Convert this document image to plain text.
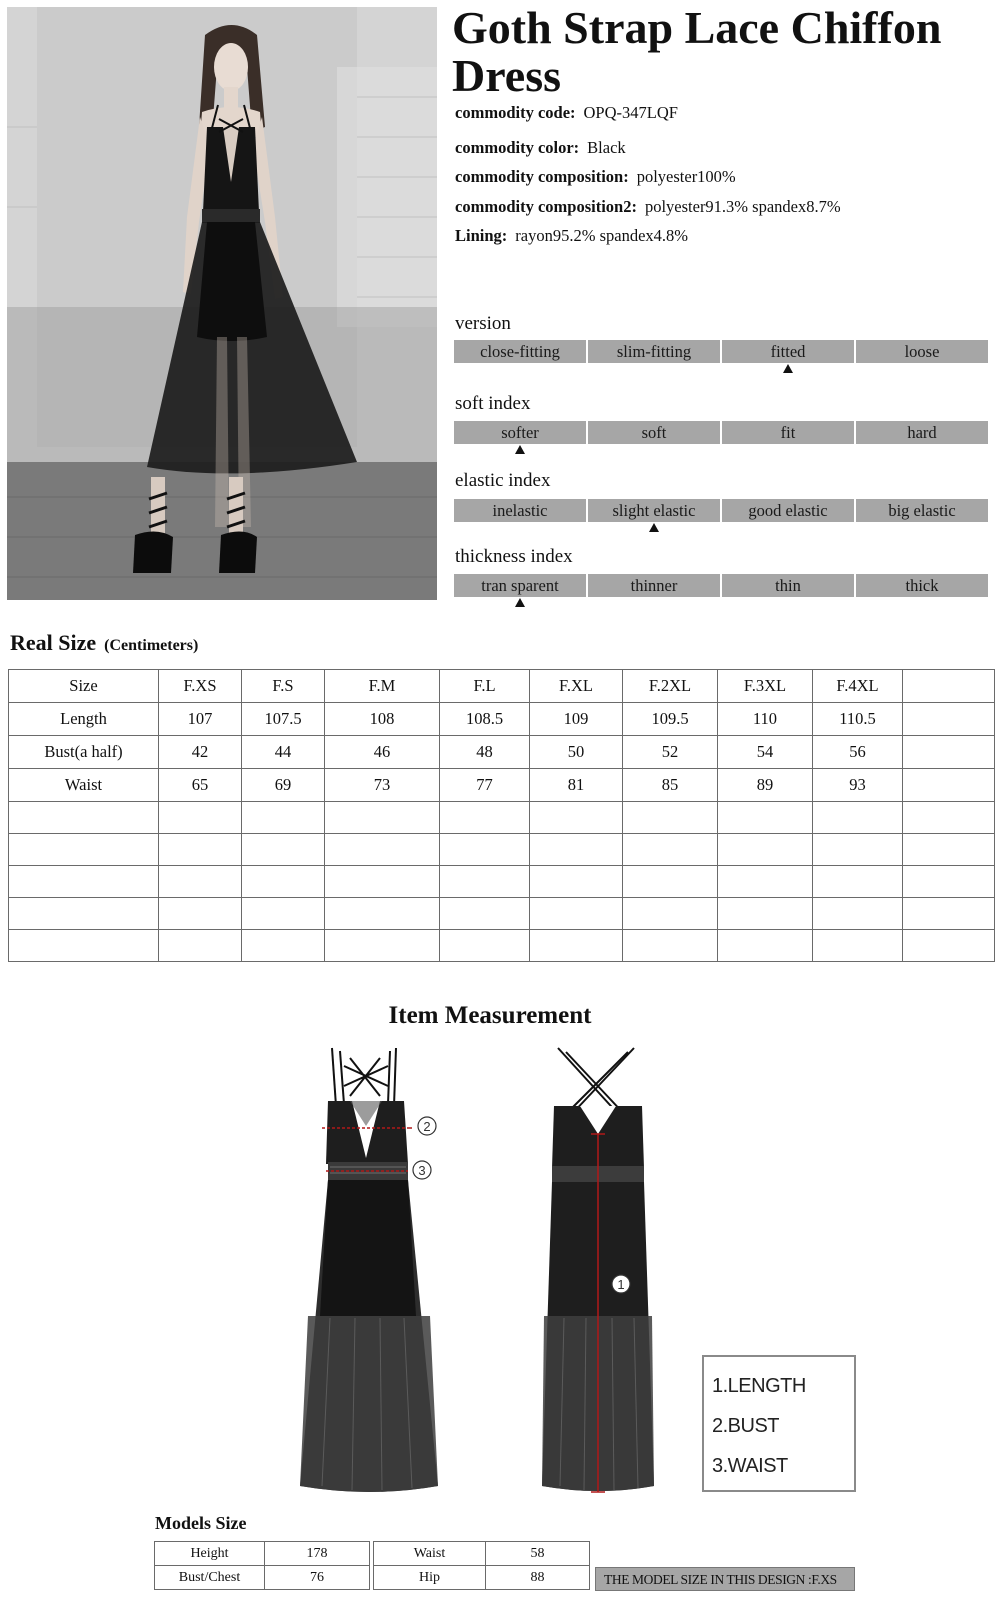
Goth Strap Lace Chiffon Dress
commodity code: OPQ-347LQF
commodity color: Black
commodity composition: polyester100%
commodity composition2: polyester91.3% spandex8.7%
Lining: rayon95.2% spandex4.8%
version
close-fitting	slim-fitting	fitted	loose
soft index
softer	soft	fit	hard
elastic index
inelastic	slight elastic	good elastic	big elastic
thickness index
tran sparent	thinner	thin	thick
Real Size (Centimeters)
Size	F.XS	F.S	F.M	F.L	F.XL	F.2XL	F.3XL	F.4XL	
Length	107	107.5	108	108.5	109	109.5	110	110.5	
Bust(a half)	42	44	46	48	50	52	54	56	
Waist	65	69	73	77	81	85	89	93	

Item Measurement
2
3
1
1.LENGTH
2.BUST
3.WAIST
Models Size
Height	178
Bust/Chest	76
Waist	58
Hip	88	THE MODEL SIZE IN THIS DESIGN :F.XS
